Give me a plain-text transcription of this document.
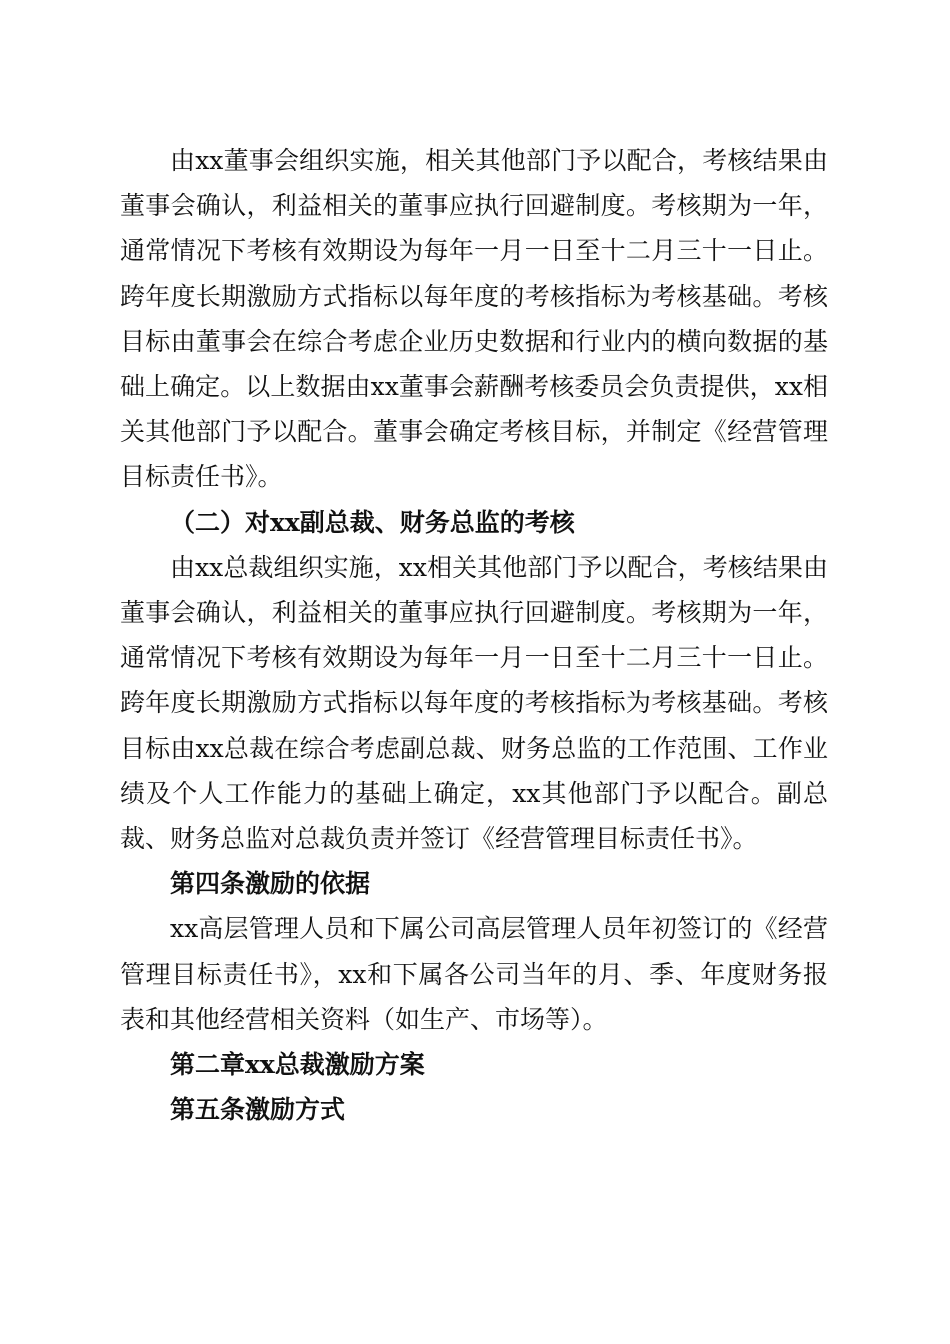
由xx董事会组织实施，相关其他部门予以配合，考核结果由董事会确认，利益相关的董事应执行回避制度。考核期为一年，通常情况下考核有效期设为每年一月一日至十二月三十一日止。跨年度长期激励方式指标以每年度的考核指标为考核基础。考核目标由董事会在综合考虑企业历史数据和行业内的横向数据的基础上确定。以上数据由xx董事会薪酬考核委员会负责提供，xx相关其他部门予以配合。董事会确定考核目标，并制定《经营管理目标责任书》。

（二）对xx副总裁、财务总监的考核

由xx总裁组织实施，xx相关其他部门予以配合，考核结果由董事会确认，利益相关的董事应执行回避制度。考核期为一年，通常情况下考核有效期设为每年一月一日至十二月三十一日止。跨年度长期激励方式指标以每年度的考核指标为考核基础。考核目标由xx总裁在综合考虑副总裁、财务总监的工作范围、工作业绩及个人工作能力的基础上确定，xx其他部门予以配合。副总裁、财务总监对总裁负责并签订《经营管理目标责任书》。

第四条激励的依据

xx高层管理人员和下属公司高层管理人员年初签订的《经营管理目标责任书》，xx和下属各公司当年的月、季、年度财务报表和其他经营相关资料（如生产、市场等）。

第二章xx总裁激励方案

第五条激励方式
